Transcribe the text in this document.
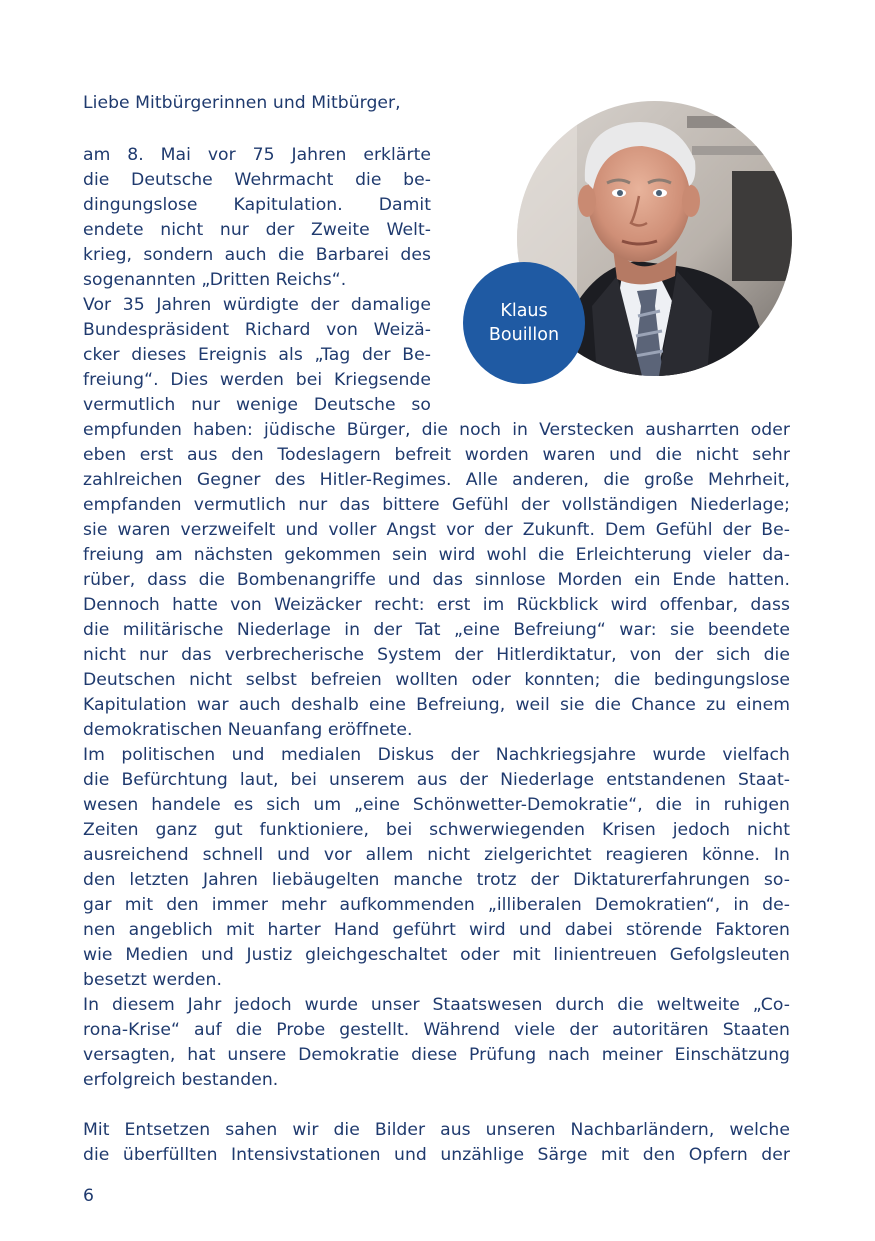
Klaus
Bouillon
Liebe Mitbürgerinnen und Mitbürger,
am 8. Mai vor 75 Jahren erklärte
die Deutsche Wehrmacht die be-
dingungslose Kapitulation. Damit
endete nicht nur der Zweite Welt-
krieg, sondern auch die Barbarei des
sogenannten „Dritten Reichs“.
Vor 35 Jahren würdigte der damalige
Bundespräsident Richard von Weizä-
cker dieses Ereignis als „Tag der Be-
freiung“. Dies werden bei Kriegsende
vermutlich nur wenige Deutsche so
empfunden haben: jüdische Bürger, die noch in Verstecken ausharrten oder
eben erst aus den Todeslagern befreit worden waren und die nicht sehr
zahlreichen Gegner des Hitler-Regimes. Alle anderen, die große Mehrheit,
empfanden vermutlich nur das bittere Gefühl der vollständigen Niederlage;
sie waren verzweifelt und voller Angst vor der Zukunft. Dem Gefühl der Be-
freiung am nächsten gekommen sein wird wohl die Erleichterung vieler da-
rüber, dass die Bombenangriffe und das sinnlose Morden ein Ende hatten.
Dennoch hatte von Weizäcker recht: erst im Rückblick wird offenbar, dass
die militärische Niederlage in der Tat „eine Befreiung“ war: sie beendete
nicht nur das verbrecherische System der Hitlerdiktatur, von der sich die
Deutschen nicht selbst befreien wollten oder konnten; die bedingungslose
Kapitulation war auch deshalb eine Befreiung, weil sie die Chance zu einem
demokratischen Neuanfang eröffnete.
Im politischen und medialen Diskus der Nachkriegsjahre wurde vielfach
die Befürchtung laut, bei unserem aus der Niederlage entstandenen Staat-
wesen handele es sich um „eine Schönwetter-Demokratie“, die in ruhigen
Zeiten ganz gut funktioniere, bei schwerwiegenden Krisen jedoch nicht
ausreichend schnell und vor allem nicht zielgerichtet reagieren könne. In
den letzten Jahren liebäugelten manche trotz der Diktaturerfahrungen so-
gar mit den immer mehr aufkommenden „illiberalen Demokratien“, in de-
nen angeblich mit harter Hand geführt wird und dabei störende Faktoren
wie Medien und Justiz gleichgeschaltet oder mit linientreuen Gefolgsleuten
besetzt werden.
In diesem Jahr jedoch wurde unser Staatswesen durch die weltweite „Co-
rona-Krise“ auf die Probe gestellt. Während viele der autoritären Staaten
versagten, hat unsere Demokratie diese Prüfung nach meiner Einschätzung
erfolgreich bestanden.
Mit Entsetzen sahen wir die Bilder aus unseren Nachbarländern, welche
die überfüllten Intensivstationen und unzählige Särge mit den Opfern der
6
